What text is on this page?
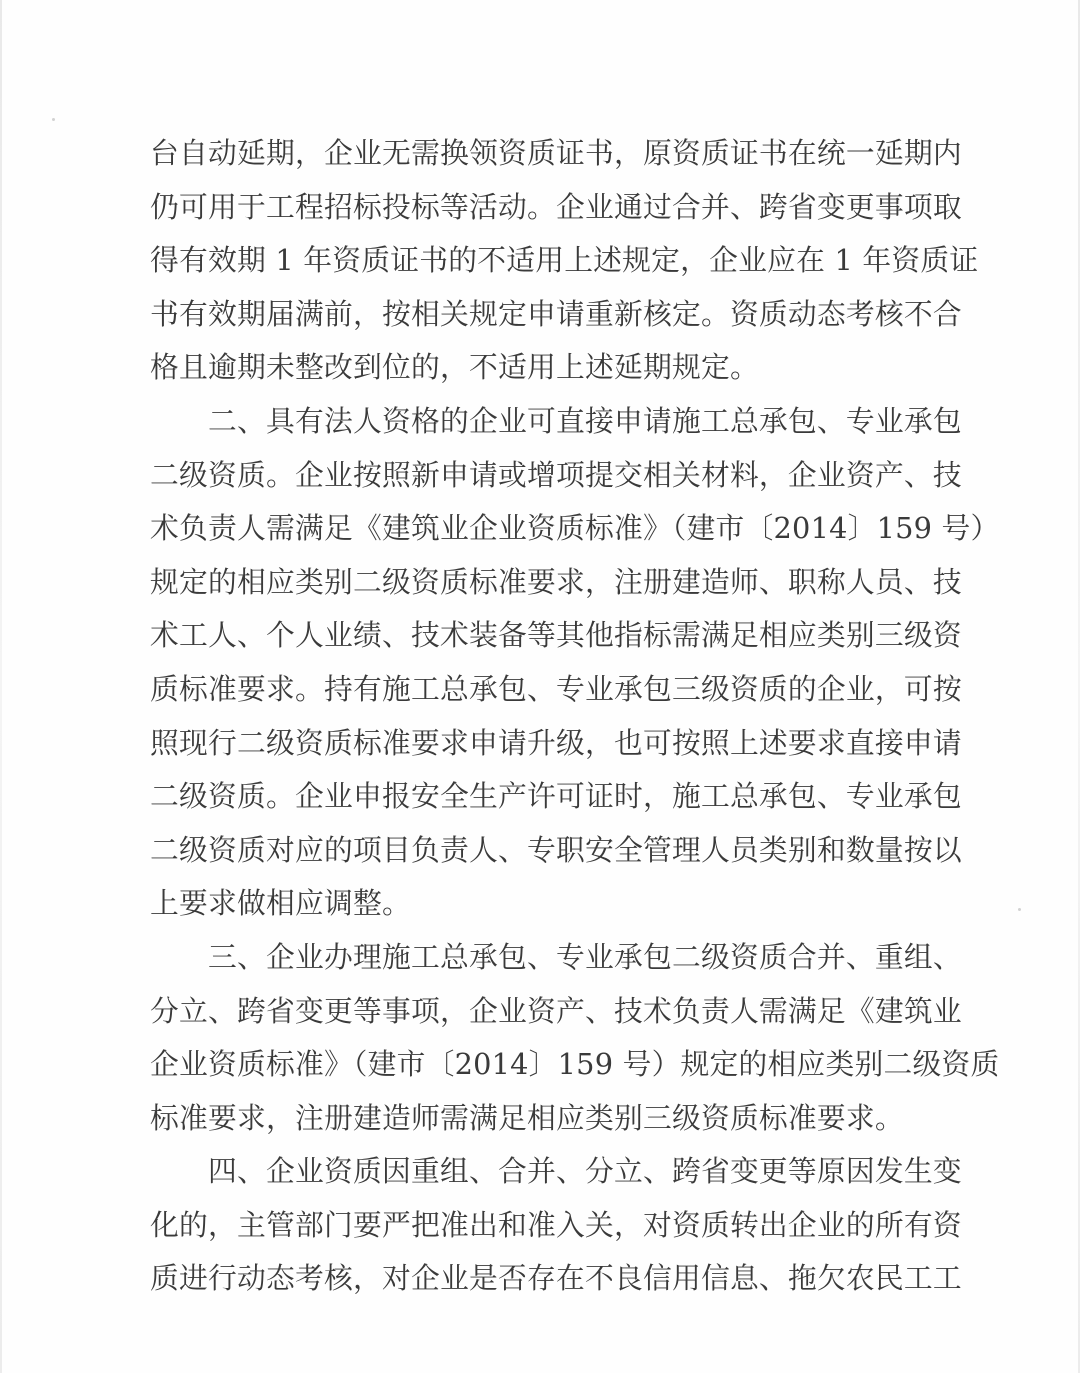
台自动延期，企业无需换领资质证书，原资质证书在统一延期内
仍可用于工程招标投标等活动。企业通过合并、跨省变更事项取
得有效期 1 年资质证书的不适用上述规定，企业应在 1 年资质证
书有效期届满前，按相关规定申请重新核定。资质动态考核不合
格且逾期未整改到位的，不适用上述延期规定。
　　二、具有法人资格的企业可直接申请施工总承包、专业承包
二级资质。企业按照新申请或增项提交相关材料，企业资产、技
术负责人需满足《建筑业企业资质标准》（建市〔2014〕159 号）
规定的相应类别二级资质标准要求，注册建造师、职称人员、技
术工人、个人业绩、技术装备等其他指标需满足相应类别三级资
质标准要求。持有施工总承包、专业承包三级资质的企业，可按
照现行二级资质标准要求申请升级，也可按照上述要求直接申请
二级资质。企业申报安全生产许可证时，施工总承包、专业承包
二级资质对应的项目负责人、专职安全管理人员类别和数量按以
上要求做相应调整。
　　三、企业办理施工总承包、专业承包二级资质合并、重组、
分立、跨省变更等事项，企业资产、技术负责人需满足《建筑业
企业资质标准》（建市〔2014〕159 号）规定的相应类别二级资质
标准要求，注册建造师需满足相应类别三级资质标准要求。
　　四、企业资质因重组、合并、分立、跨省变更等原因发生变
化的，主管部门要严把准出和准入关，对资质转出企业的所有资
质进行动态考核，对企业是否存在不良信用信息、拖欠农民工工
